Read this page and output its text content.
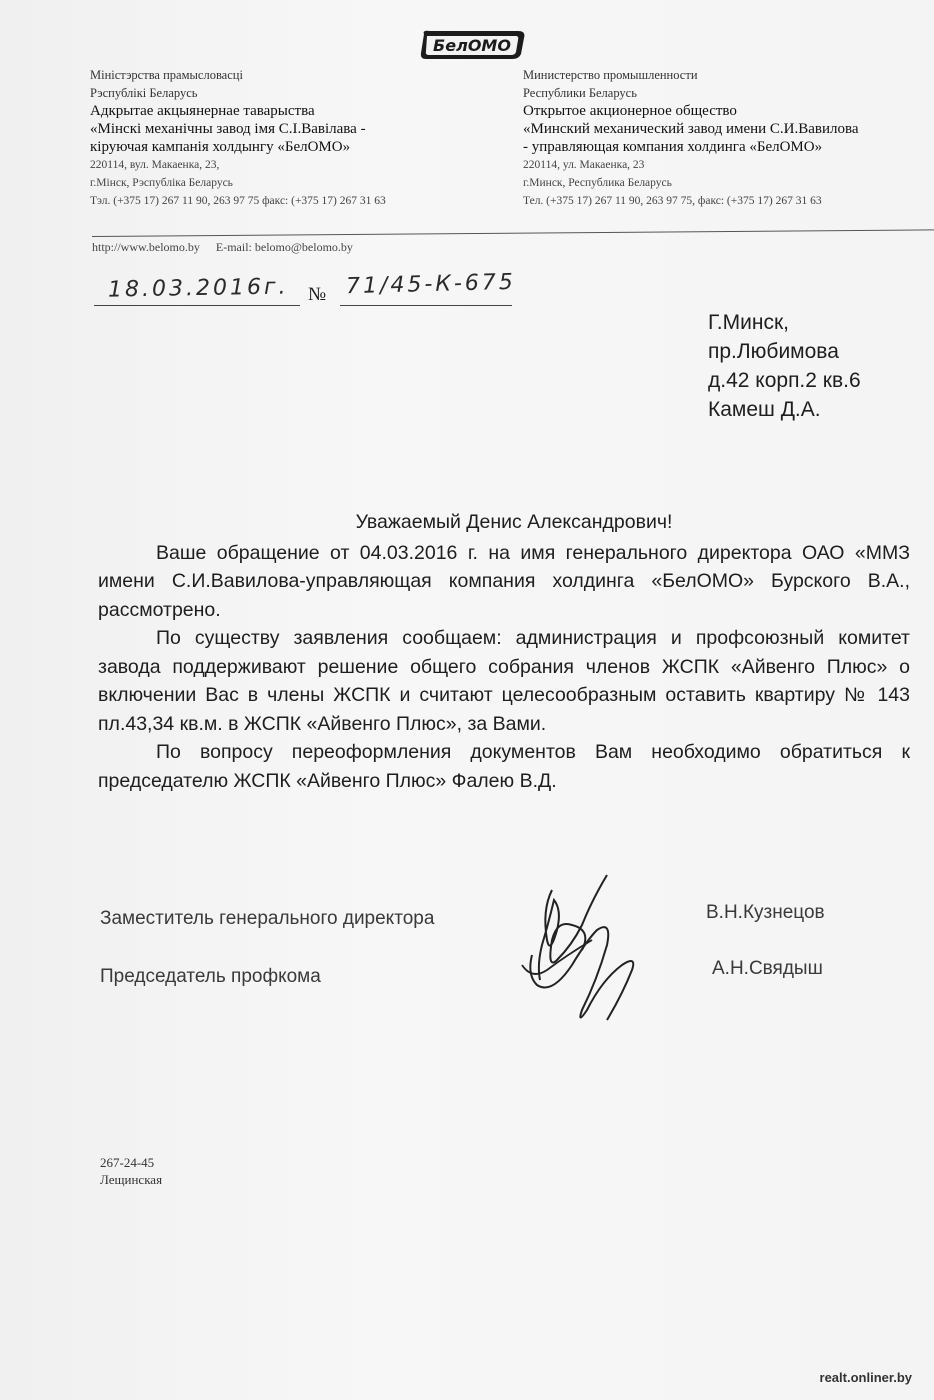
БелОМО
Міністэрства прамысловасці
Рэспублікі Беларусь
Адкрытае акцыянернае таварыства
«Мінскі механічны завод імя С.І.Вавілава -
кіруючая кампанія холдынгу «БелОМО»
220114, вул. Макаенка, 23,
г.Мінск, Рэспубліка Беларусь
Тэл. (+375 17) 267 11 90, 263 97 75 факс: (+375 17) 267 31 63
Министерство промышленности
Республики Беларусь
Открытое акционерное общество
«Минский механический завод имени С.И.Вавилова
- управляющая компания холдинга «БелОМО»
220114, ул. Макаенка, 23
г.Минск, Республика Беларусь
Тел. (+375 17) 267 11 90, 263 97 75, факс: (+375 17) 267 31 63
http://www.belomo.by E-mail: belomo@belomo.by
18.03.2016г. № 71/45-К-675
Г.Минск,
пр.Любимова
д.42 корп.2 кв.6
Камеш Д.А.
Уважаемый Денис Александрович!

Ваше обращение от 04.03.2016 г. на имя генерального директора ОАО «ММЗ имени С.И.Вавилова-управляющая компания холдинга «БелОМО» Бурского В.А., рассмотрено.

По существу заявления сообщаем: администрация и профсоюзный комитет завода поддерживают решение общего собрания членов ЖСПК «Айвенго Плюс» о включении Вас в члены ЖСПК и считают целесообразным оставить квартиру № 143 пл.43,34 кв.м. в ЖСПК «Айвенго Плюс», за Вами.

По вопросу переоформления документов Вам необходимо обратиться к председателю ЖСПК «Айвенго Плюс» Фалею В.Д.

Заместитель генерального директора	В.Н.Кузнецов
Председатель профкома	А.Н.Свядыш
267-24-45
Лещинская
realt.onliner.by
